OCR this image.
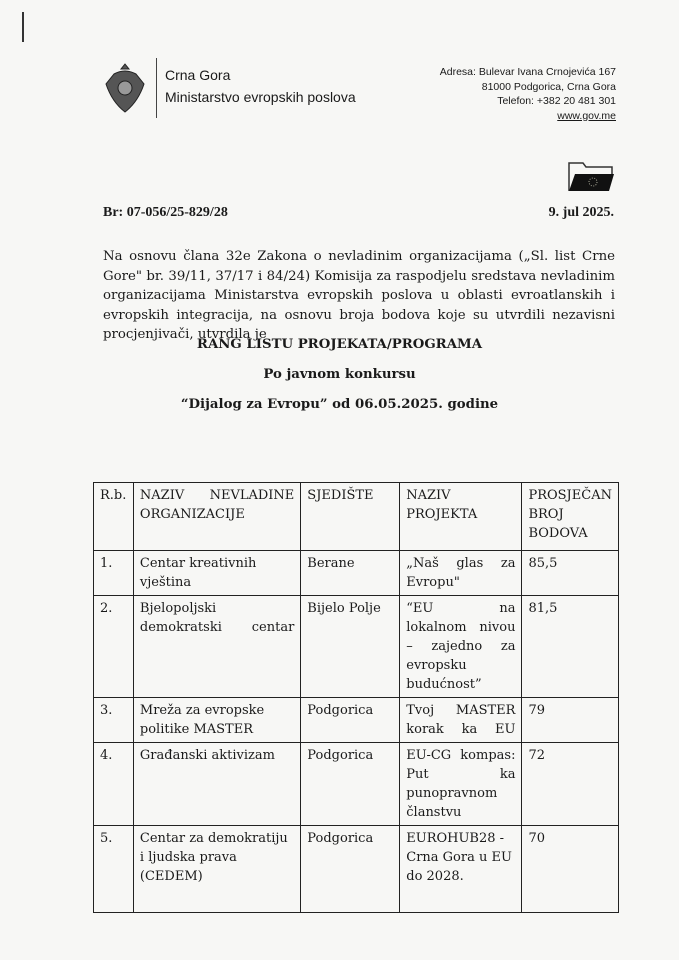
Crna Gora
Ministarstvo evropskih poslova
Adresa: Bulevar Ivana Crnojevića 167
81000 Podgorica, Crna Gora
Telefon: +382 20 481 301
www.gov.me
Br: 07-056/25-829/28	9. jul 2025.
Na osnovu člana 32e Zakona o nevladinim organizacijama („Sl. list Crne Gore" br. 39/11, 37/17 i 84/24) Komisija za raspodjelu sredstava nevladinim organizacijama Ministarstva evropskih poslova u oblasti evroatlanskih i evropskih integracija, na osnovu broja bodova koje su utvrdili nezavisni procjenjivači, utvrdila je
RANG LISTU PROJEKATA/PROGRAMA
Po javnom konkursu
“Dijalog za Evropu” od 06.05.2025. godine
R.b.	NAZIV NEVLADINE ORGANIZACIJE	SJEDIŠTE	NAZIV PROJEKTA	PROSJEČAN BROJ BODOVA
1.	Centar kreativnih vještina	Berane	„Naš glas za Evropu"	85,5
2.	Bjelopoljski demokratski centar	Bijelo Polje	“EU na lokalnom nivou – zajedno za evropsku budućnost”	81,5
3.	Mreža za evropske politike MASTER	Podgorica	Tvoj MASTER korak ka EU	79
4.	Građanski aktivizam	Podgorica	EU-CG kompas: Put ka punopravnom članstvu	72
5.	Centar za demokratiju i ljudska prava (CEDEM)	Podgorica	EUROHUB28 - Crna Gora u EU do 2028.	70
